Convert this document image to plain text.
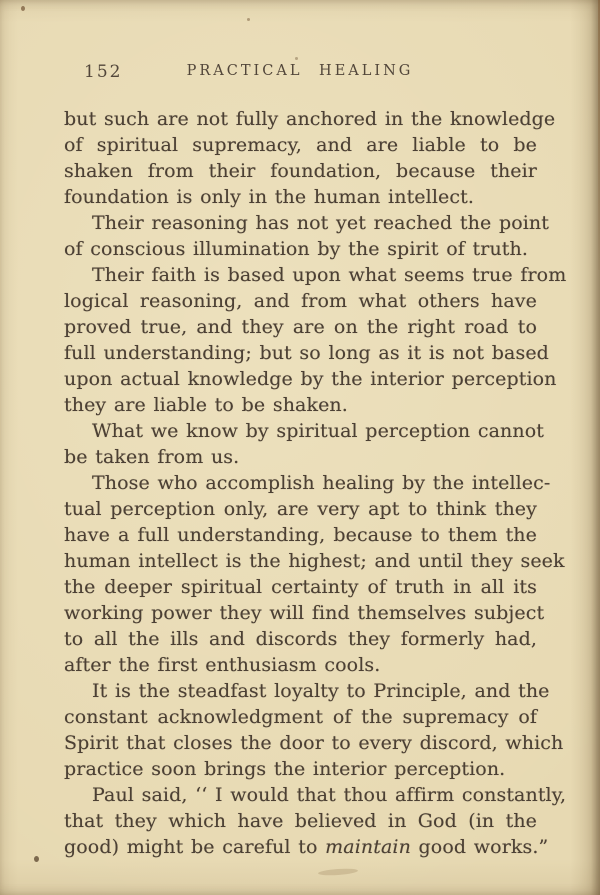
152	PRACTICAL HEALING
but such are not fully anchored in the knowledge
of spiritual supremacy, and are liable to be
shaken from their foundation, because their
foundation is only in the human intellect.
Their reasoning has not yet reached the point
of conscious illumination by the spirit of truth.
Their faith is based upon what seems true from
logical reasoning, and from what others have
proved true, and they are on the right road to
full understanding; but so long as it is not based
upon actual knowledge by the interior perception
they are liable to be shaken.
What we know by spiritual perception cannot
be taken from us.
Those who accomplish healing by the intellec-
tual perception only, are very apt to think they
have a full understanding, because to them the
human intellect is the highest; and until they seek
the deeper spiritual certainty of truth in all its
working power they will find themselves subject
to all the ills and discords they formerly had,
after the first enthusiasm cools.
It is the steadfast loyalty to Principle, and the
constant acknowledgment of the supremacy of
Spirit that closes the door to every discord, which
practice soon brings the interior perception.
Paul said, ‘‘ I would that thou affirm constantly,
that they which have believed in God (in the
good) might be careful to maintain good works.”
